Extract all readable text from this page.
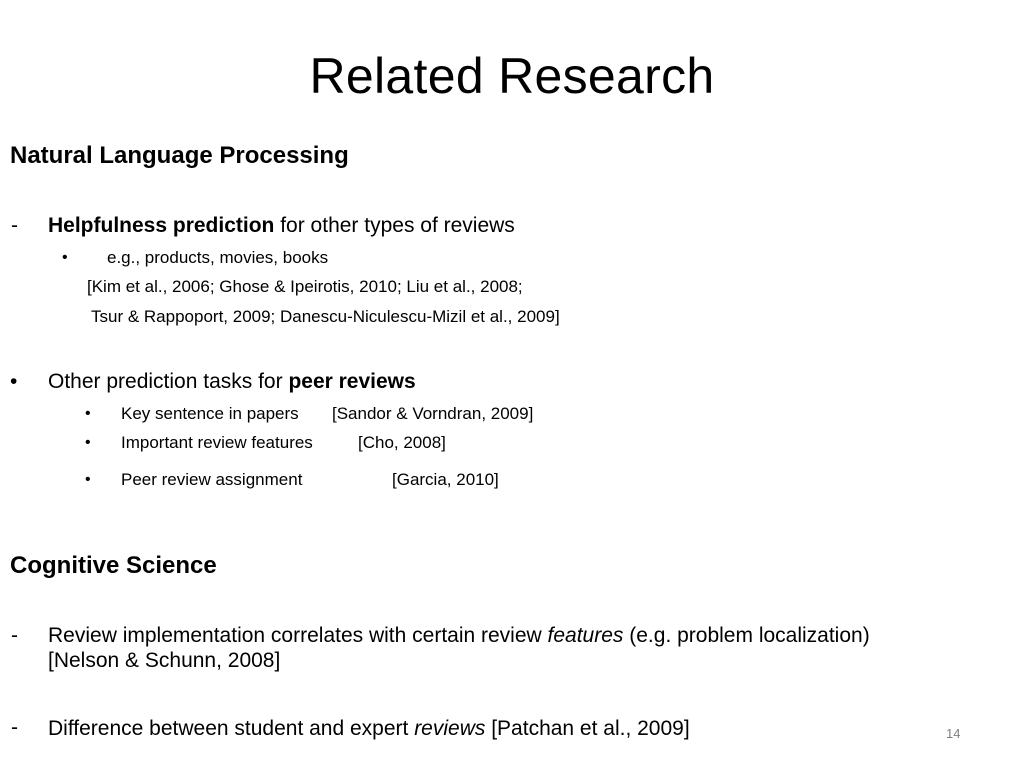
Related Research
Natural Language Processing
- Helpfulness prediction for other types of reviews
• e.g., products, movies, books
[Kim et al., 2006; Ghose & Ipeirotis, 2010; Liu et al., 2008;
Tsur & Rappoport, 2009; Danescu-Niculescu-Mizil et al., 2009]
• Other prediction tasks for peer reviews
• Key sentence in papers [Sandor & Vorndran, 2009]
• Important review features	[Cho, 2008]
• Peer review assignment	[Garcia, 2010]
Cognitive Science
- Review implementation correlates with certain review features (e.g. problem localization)
[Nelson & Schunn, 2008]
- Difference between student and expert reviews [Patchan et al., 2009]	14
